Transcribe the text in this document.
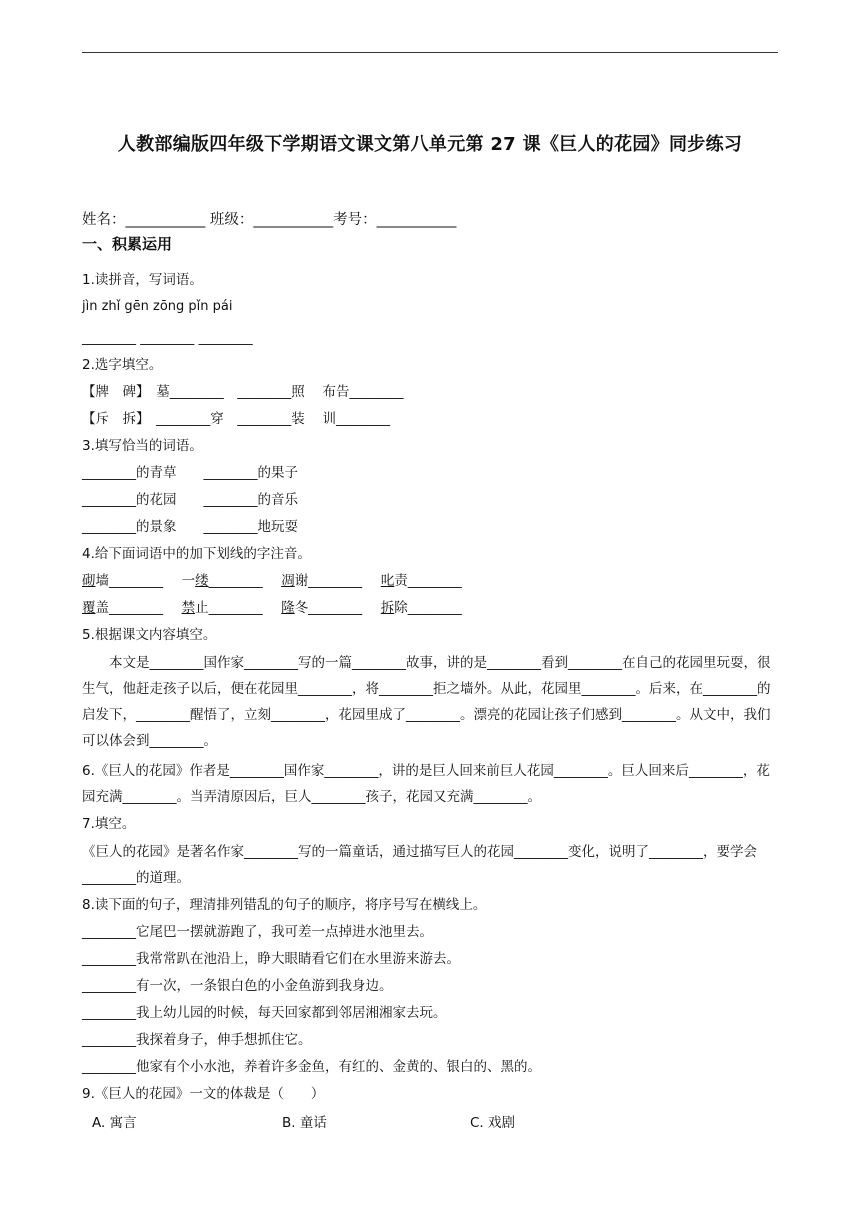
人教部编版四年级下学期语文课文第八单元第 27 课《巨人的花园》同步练习
姓名：___________ 班级：___________考号：___________
一、积累运用
1.读拼音，写词语。
jìn zhǐ gēn zōng pǐn pái
________ ________ ________
2.选字填空。
【牌　碑】　墓________　________照　 布告________
【斥　拆】　________穿　________装　 训________
3.填写恰当的词语。
________的青草　　________的果子
________的花园　　________的音乐
________的景象　　________地玩耍
4.给下面词语中的加下划线的字注音。
砌墙________ 一缕________ 凋谢________ 叱责________
覆盖________ 禁止________ 隆冬________ 拆除________
5.根据课文内容填空。
本文是________国作家________写的一篇________故事，讲的是________看到________在自己的花园里玩耍，很生气，他赶走孩子以后，便在花园里________，将________拒之墙外。从此，花园里________。后来，在________的启发下，________醒悟了，立刻________，花园里成了________。漂亮的花园让孩子们感到________。从文中，我们可以体会到________。
6.《巨人的花园》作者是________国作家________，讲的是巨人回来前巨人花园________。巨人回来后________，花园充满________。当弄清原因后，巨人________孩子，花园又充满________。
7.填空。
《巨人的花园》是著名作家________写的一篇童话，通过描写巨人的花园________变化，说明了________，要学会________的道理。
8.读下面的句子，理清排列错乱的句子的顺序，将序号写在横线上。
________它尾巴一摆就游跑了，我可差一点掉进水池里去。
________我常常趴在池沿上，睁大眼睛看它们在水里游来游去。
________有一次，一条银白色的小金鱼游到我身边。
________我上幼儿园的时候，每天回家都到邻居湘湘家去玩。
________我探着身子，伸手想抓住它。
________他家有个小水池，养着许多金鱼，有红的、金黄的、银白的、黑的。
9.《巨人的花园》一文的体裁是（　　）
A. 寓言	B. 童话	C. 戏剧
